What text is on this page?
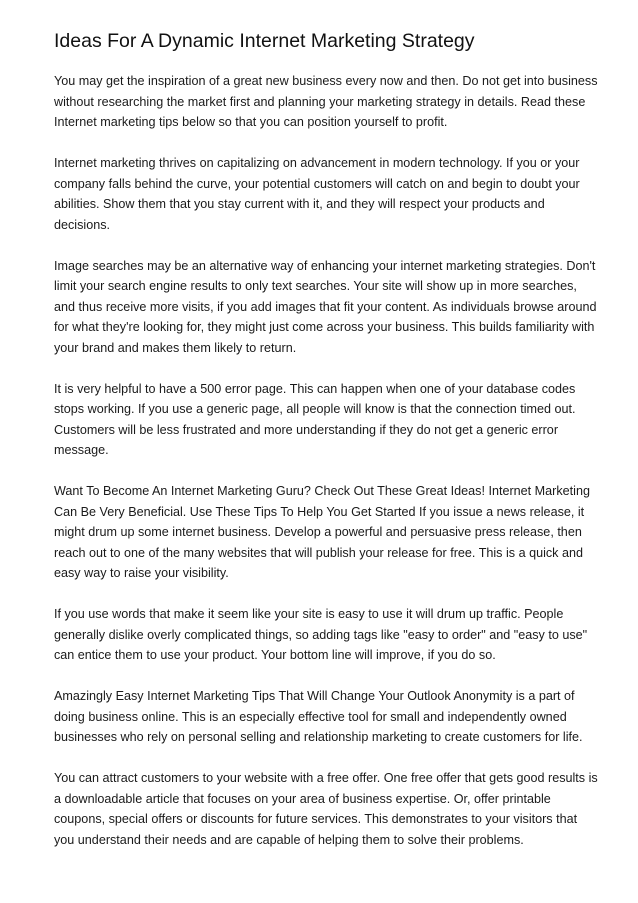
Ideas For A Dynamic Internet Marketing Strategy

You may get the inspiration of a great new business every now and then. Do not get into business without researching the market first and planning your marketing strategy in details. Read these Internet marketing tips below so that you can position yourself to profit.

Internet marketing thrives on capitalizing on advancement in modern technology. If you or your company falls behind the curve, your potential customers will catch on and begin to doubt your abilities. Show them that you stay current with it, and they will respect your products and decisions.

Image searches may be an alternative way of enhancing your internet marketing strategies. Don't limit your search engine results to only text searches. Your site will show up in more searches, and thus receive more visits, if you add images that fit your content. As individuals browse around for what they're looking for, they might just come across your business. This builds familiarity with your brand and makes them likely to return.

It is very helpful to have a 500 error page. This can happen when one of your database codes stops working. If you use a generic page, all people will know is that the connection timed out. Customers will be less frustrated and more understanding if they do not get a generic error message.

Want To Become An Internet Marketing Guru? Check Out These Great Ideas! Internet Marketing Can Be Very Beneficial. Use These Tips To Help You Get Started If you issue a news release, it might drum up some internet business. Develop a powerful and persuasive press release, then reach out to one of the many websites that will publish your release for free. This is a quick and easy way to raise your visibility.

If you use words that make it seem like your site is easy to use it will drum up traffic. People generally dislike overly complicated things, so adding tags like "easy to order" and "easy to use" can entice them to use your product. Your bottom line will improve, if you do so.

Amazingly Easy Internet Marketing Tips That Will Change Your Outlook Anonymity is a part of doing business online. This is an especially effective tool for small and independently owned businesses who rely on personal selling and relationship marketing to create customers for life.

You can attract customers to your website with a free offer. One free offer that gets good results is a downloadable article that focuses on your area of business expertise. Or, offer printable coupons, special offers or discounts for future services. This demonstrates to your visitors that you understand their needs and are capable of helping them to solve their problems.
